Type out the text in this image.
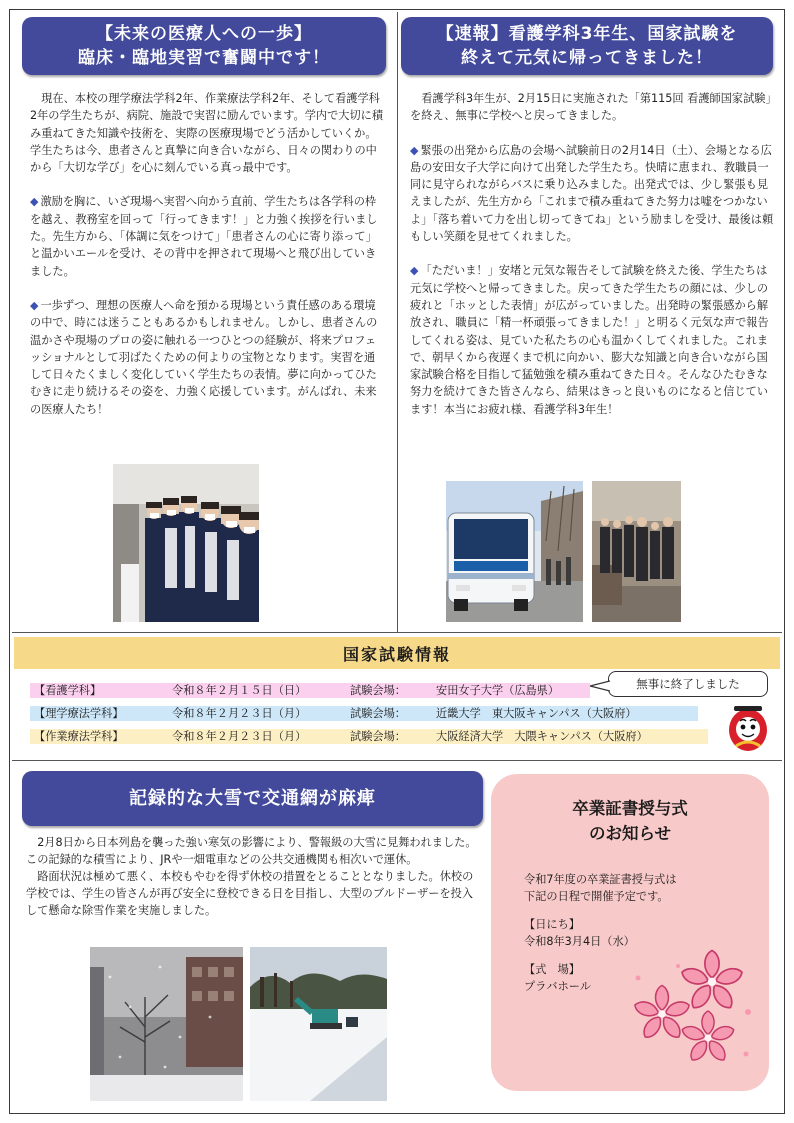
【未来の医療人への一歩】
臨床・臨地実習で奮闘中です！

現在、本校の理学療法学科2年、作業療法学科2年、そして看護学科2年の学生たちが、病院、施設で実習に励んでいます。学内で大切に積み重ねてきた知識や技術を、実際の医療現場でどう活かしていくか。学生たちは今、患者さんと真摯に向き合いながら、日々の関わりの中から「大切な学び」を心に刻んでいる真っ最中です。

◆ 激励を胸に、いざ現場へ実習へ向かう直前、学生たちは各学科の枠を越え、教務室を回って「行ってきます！」と力強く挨拶を行いました。先生方から、「体調に気をつけて」「患者さんの心に寄り添って」と温かいエールを受け、その背中を押されて現場へと飛び出していきました。

◆ 一歩ずつ、理想の医療人へ命を預かる現場という責任感のある環境の中で、時には迷うこともあるかもしれません。しかし、患者さんの温かさや現場のプロの姿に触れる一つひとつの経験が、将来プロフェッショナルとして羽ばたくための何よりの宝物となります。実習を通して日々たくましく変化していく学生たちの表情。夢に向かってひたむきに走り続けるその姿を、力強く応援しています。がんばれ、未来の医療人たち！

【速報】看護学科3年生、国家試験を
終えて元気に帰ってきました！

看護学科3年生が、2月15日に実施された「第115回 看護師国家試験」を終え、無事に学校へと戻ってきました。

◆ 緊張の出発から広島の会場へ試験前日の2月14日（土）、会場となる広島の安田女子大学に向けて出発した学生たち。快晴に恵まれ、教職員一同に見守られながらバスに乗り込みました。出発式では、少し緊張も見えましたが、先生方から「これまで積み重ねてきた努力は嘘をつかないよ」「落ち着いて力を出し切ってきてね」という励ましを受け、最後は頼もしい笑顔を見せてくれました。

◆ 「ただいま！」安堵と元気な報告そして試験を終えた後、学生たちは元気に学校へと帰ってきました。戻ってきた学生たちの顔には、少しの疲れと「ホッとした表情」が広がっていました。出発時の緊張感から解放され、職員に「精一杯頑張ってきました！」と明るく元気な声で報告してくれる姿は、見ていた私たちの心も温かくしてくれました。これまで、朝早くから夜遅くまで机に向かい、膨大な知識と向き合いながら国家試験合格を目指して猛勉強を積み重ねてきた日々。そんなひたむきな努力を続けてきた皆さんなら、結果はきっと良いものになると信じています！本当にお疲れ様、看護学科3年生！

国家試験情報
【看護学科】	令和８年２月１５日（日）	試験会場：	安田女子大学（広島県）
【理学療法学科】	令和８年２月２３日（月）	試験会場：	近畿大学　東大阪キャンパス（大阪府）
【作業療法学科】	令和８年２月２３日（月）	試験会場：	大阪経済大学　大隈キャンパス（大阪府）
無事に終了しました
記録的な大雪で交通網が麻痺

2月8日から日本列島を襲った強い寒気の影響により、警報級の大雪に見舞われました。この記録的な積雪により、JRや一畑電車などの公共交通機関も相次いで運休。

路面状況は極めて悪く、本校もやむを得ず休校の措置をとることとなりました。休校の学校では、学生の皆さんが再び安全に登校できる日を目指し、大型のブルドーザーを投入して懸命な除雪作業を実施しました。

卒業証書授与式
のお知らせ
令和7年度の卒業証書授与式は
下記の日程で開催予定です。
【日にち】
令和8年3月4日（水）
【式　場】
プラバホール
